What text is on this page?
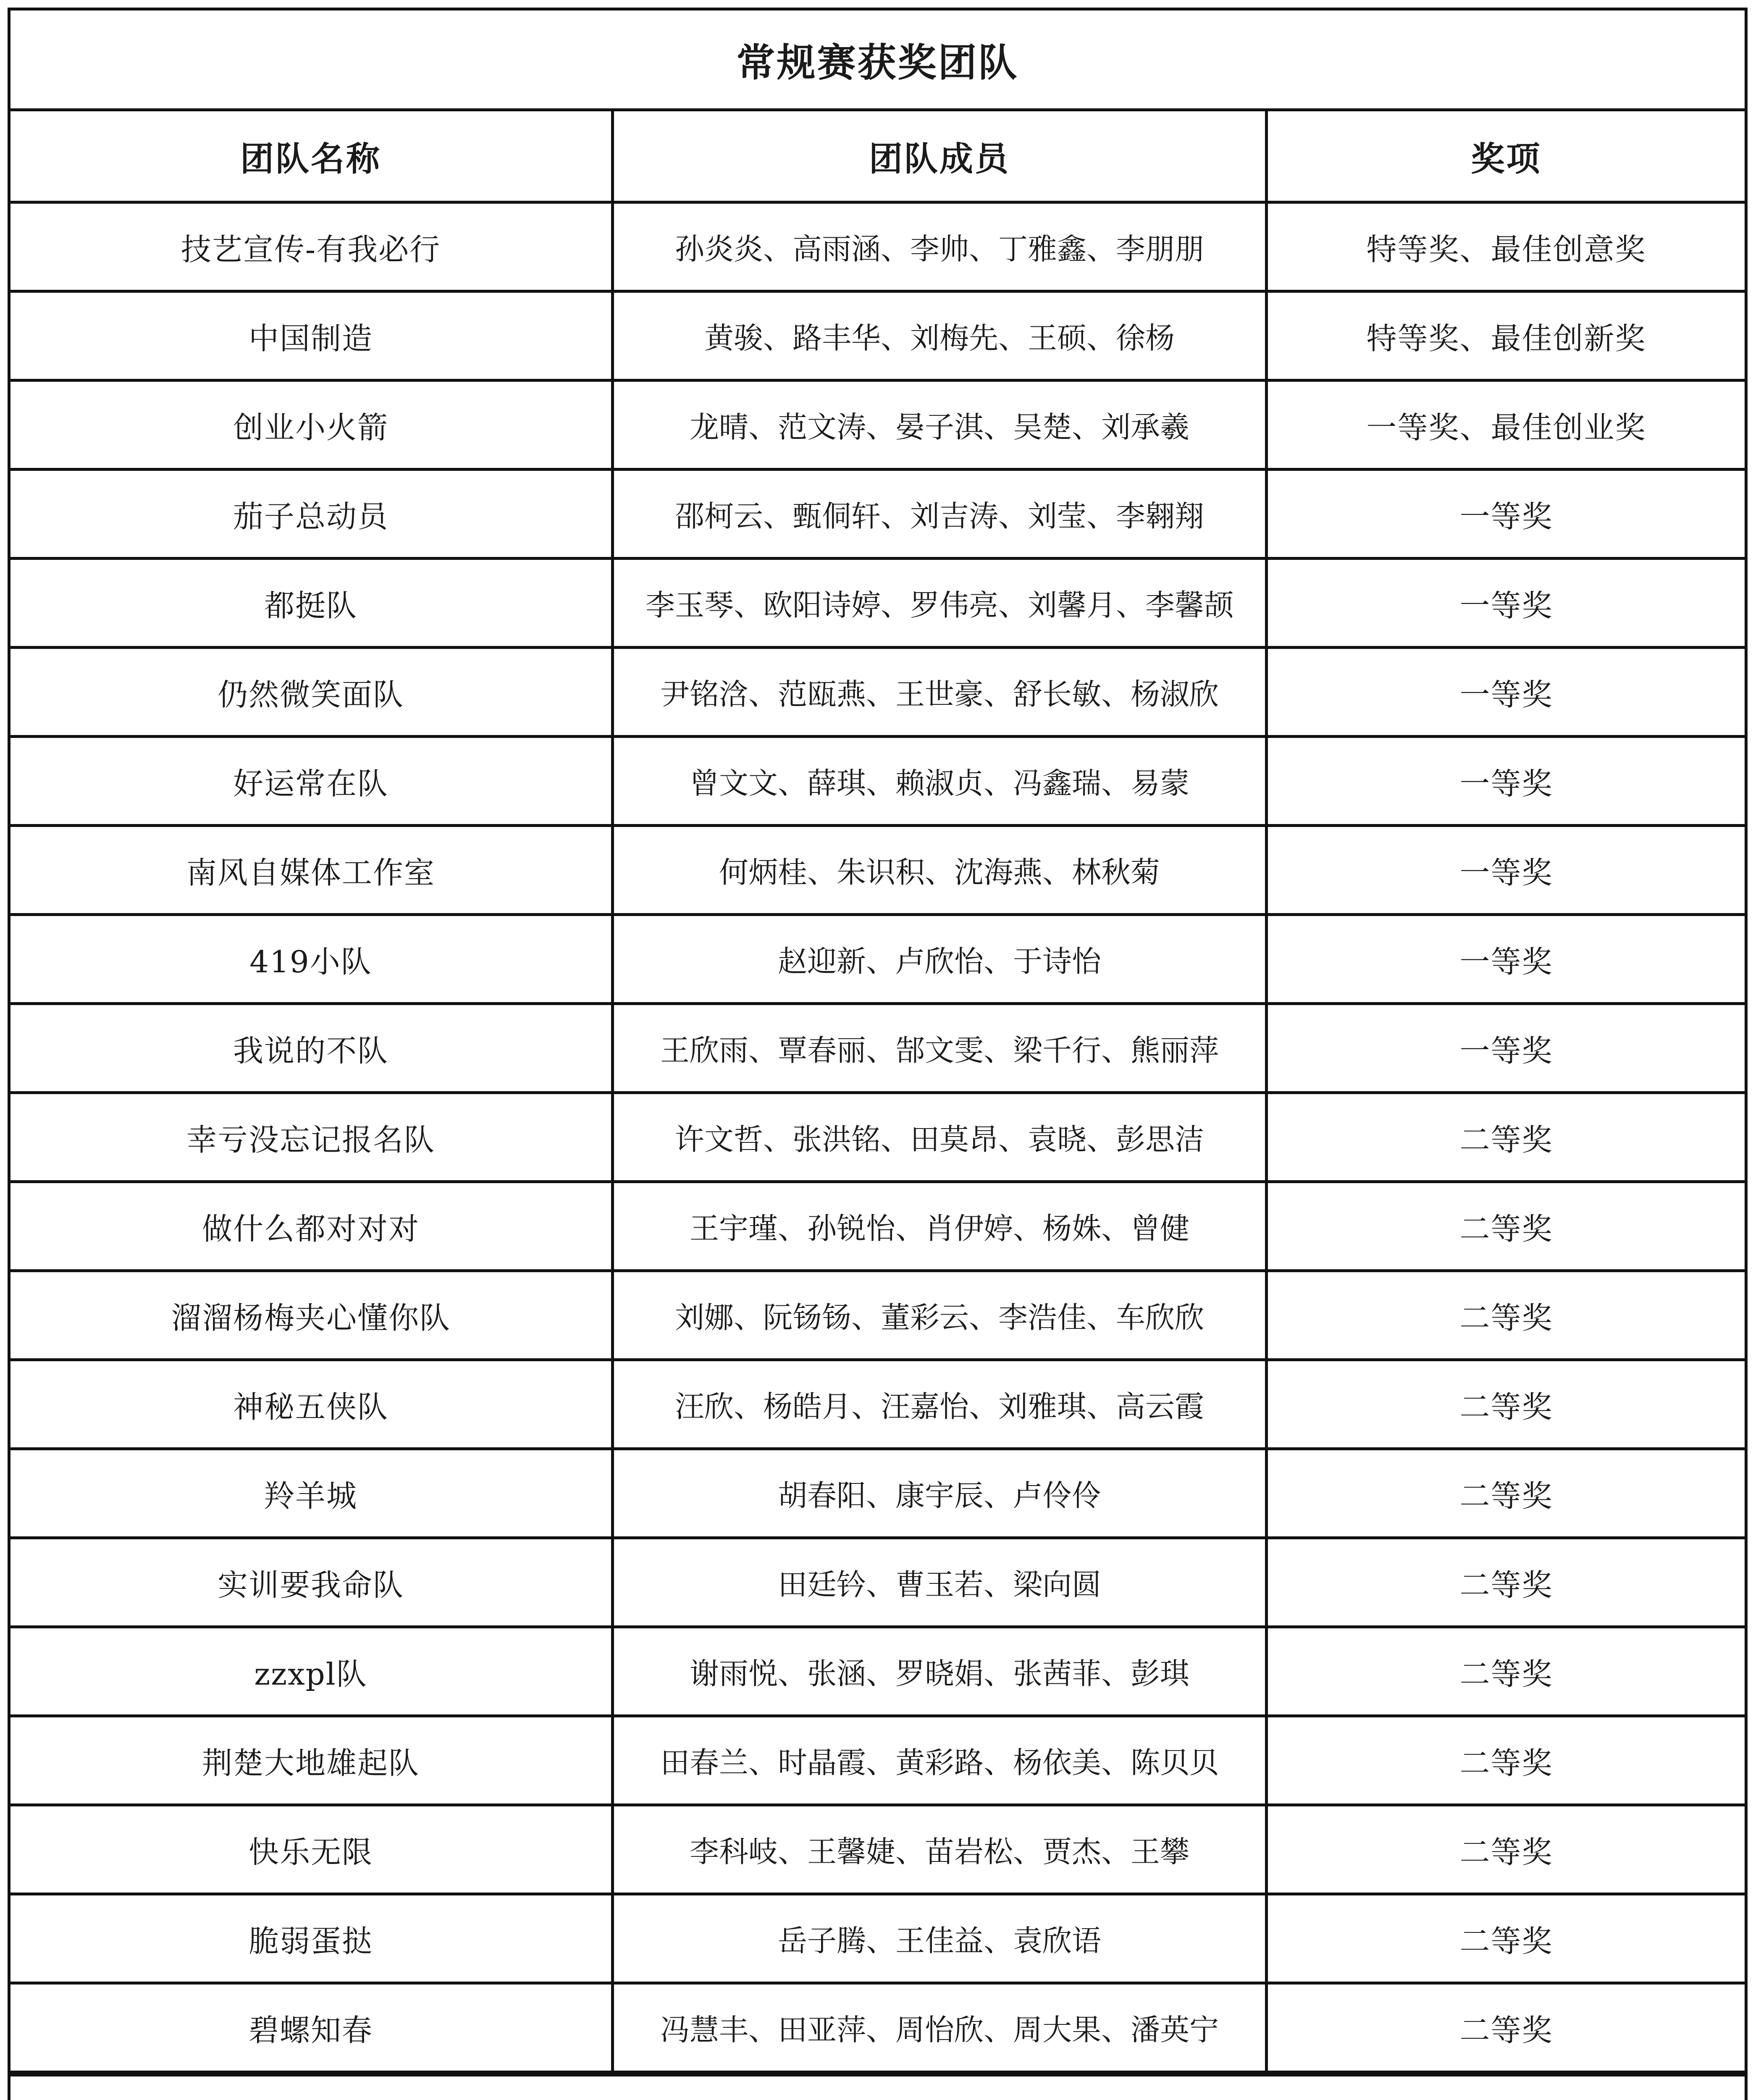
常规赛获奖团队		
团队名称	团队成员	奖项
技艺宣传-有我必行	孙炎炎、高雨涵、李帅、丁雅鑫、李朋朋	特等奖、最佳创意奖
中国制造	黄骏、路丰华、刘梅先、王硕、徐杨	特等奖、最佳创新奖
创业小火箭	龙晴、范文涛、晏子淇、吴楚、刘承羲	一等奖、最佳创业奖
茄子总动员	邵柯云、甄侗轩、刘吉涛、刘莹、李翱翔	一等奖
都挺队	李玉琴、欧阳诗婷、罗伟亮、刘馨月、李馨颉	一等奖
仍然微笑面队	尹铭浛、范瓯燕、王世豪、舒长敏、杨淑欣	一等奖
好运常在队	曾文文、薛琪、赖淑贞、冯鑫瑞、易蒙	一等奖
南风自媒体工作室	何炳桂、朱识积、沈海燕、林秋菊	一等奖
419小队	赵迎新、卢欣怡、于诗怡	一等奖
我说的不队	王欣雨、覃春丽、郜文雯、梁千行、熊丽萍	一等奖
幸亏没忘记报名队	许文哲、张洪铭、田莫昂、袁晓、彭思洁	二等奖
做什么都对对对	王宇瑾、孙锐怡、肖伊婷、杨姝、曾健	二等奖
溜溜杨梅夹心懂你队	刘娜、阮钖钖、董彩云、李浩佳、车欣欣	二等奖
神秘五侠队	汪欣、杨皓月、汪嘉怡、刘雅琪、高云霞	二等奖
羚羊城	胡春阳、康宇辰、卢伶伶	二等奖
实训要我命队	田廷钤、曹玉若、梁向圆	二等奖
zzxpl队	谢雨悦、张涵、罗晓娟、张茜菲、彭琪	二等奖
荆楚大地雄起队	田春兰、时晶霞、黄彩路、杨依美、陈贝贝	二等奖
快乐无限	李科岐、王馨婕、苗岩松、贾杰、王攀	二等奖
脆弱蛋挞	岳子腾、王佳益、袁欣语	二等奖
碧螺知春	冯慧丰、田亚萍、周怡欣、周大果、潘英宁	二等奖
